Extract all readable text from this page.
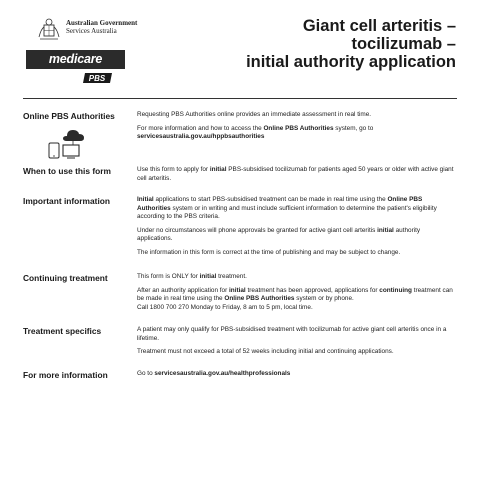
Australian Government
Services Australia
medicare
PBS
Giant cell arteritis –
tocilizumab –
initial authority application
Online PBS Authorities	Requesting PBS Authorities online provides an immediate assessment in real time.

For more information and how to access the Online PBS Authorities system, go to
servicesaustralia.gov.au/hppbsauthorities

When to use this form	Use this form to apply for initial PBS-subsidised tocilizumab for patients aged 50 years or older with active giant cell arteritis.

Important information	Initial applications to start PBS-subsidised treatment can be made in real time using the Online PBS Authorities system or in writing and must include sufficient information to determine the patient's eligibility according to the PBS criteria.

Under no circumstances will phone approvals be granted for active giant cell arteritis initial authority applications.

The information in this form is correct at the time of publishing and may be subject to change.

Continuing treatment	This form is ONLY for initial treatment.

After an authority application for initial treatment has been approved, applications for continuing treatment can be made in real time using the Online PBS Authorities system or by phone.
Call 1800 700 270 Monday to Friday, 8 am to 5 pm, local time.

Treatment specifics	A patient may only qualify for PBS-subsidised treatment with tocilizumab for active giant cell arteritis once in a lifetime.

Treatment must not exceed a total of 52 weeks including initial and continuing applications.

For more information	Go to servicesaustralia.gov.au/healthprofessionals
